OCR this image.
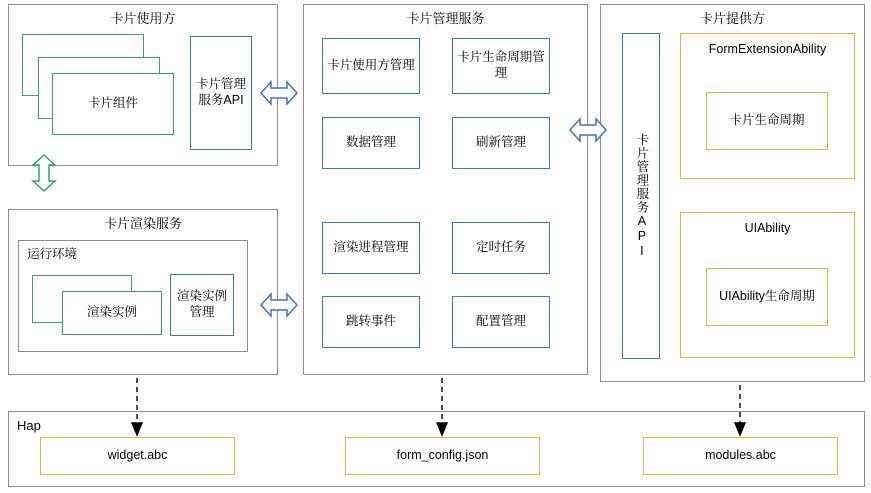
卡片使用方
卡片组件
卡片管理服务API
卡片渲染服务
运行环境
渲染实例
渲染实例管理
卡片管理服务
卡片使用方管理
卡片生命周期管理
数据管理	刷新管理
渲染进程管理	定时任务
跳转事件	配置管理
卡片提供方
卡片管理服务API
FormExtensionAbility
卡片生命周期
UIAbility
UIAbility生命周期
Hap
widget.abc	form_config.json	modules.abc
